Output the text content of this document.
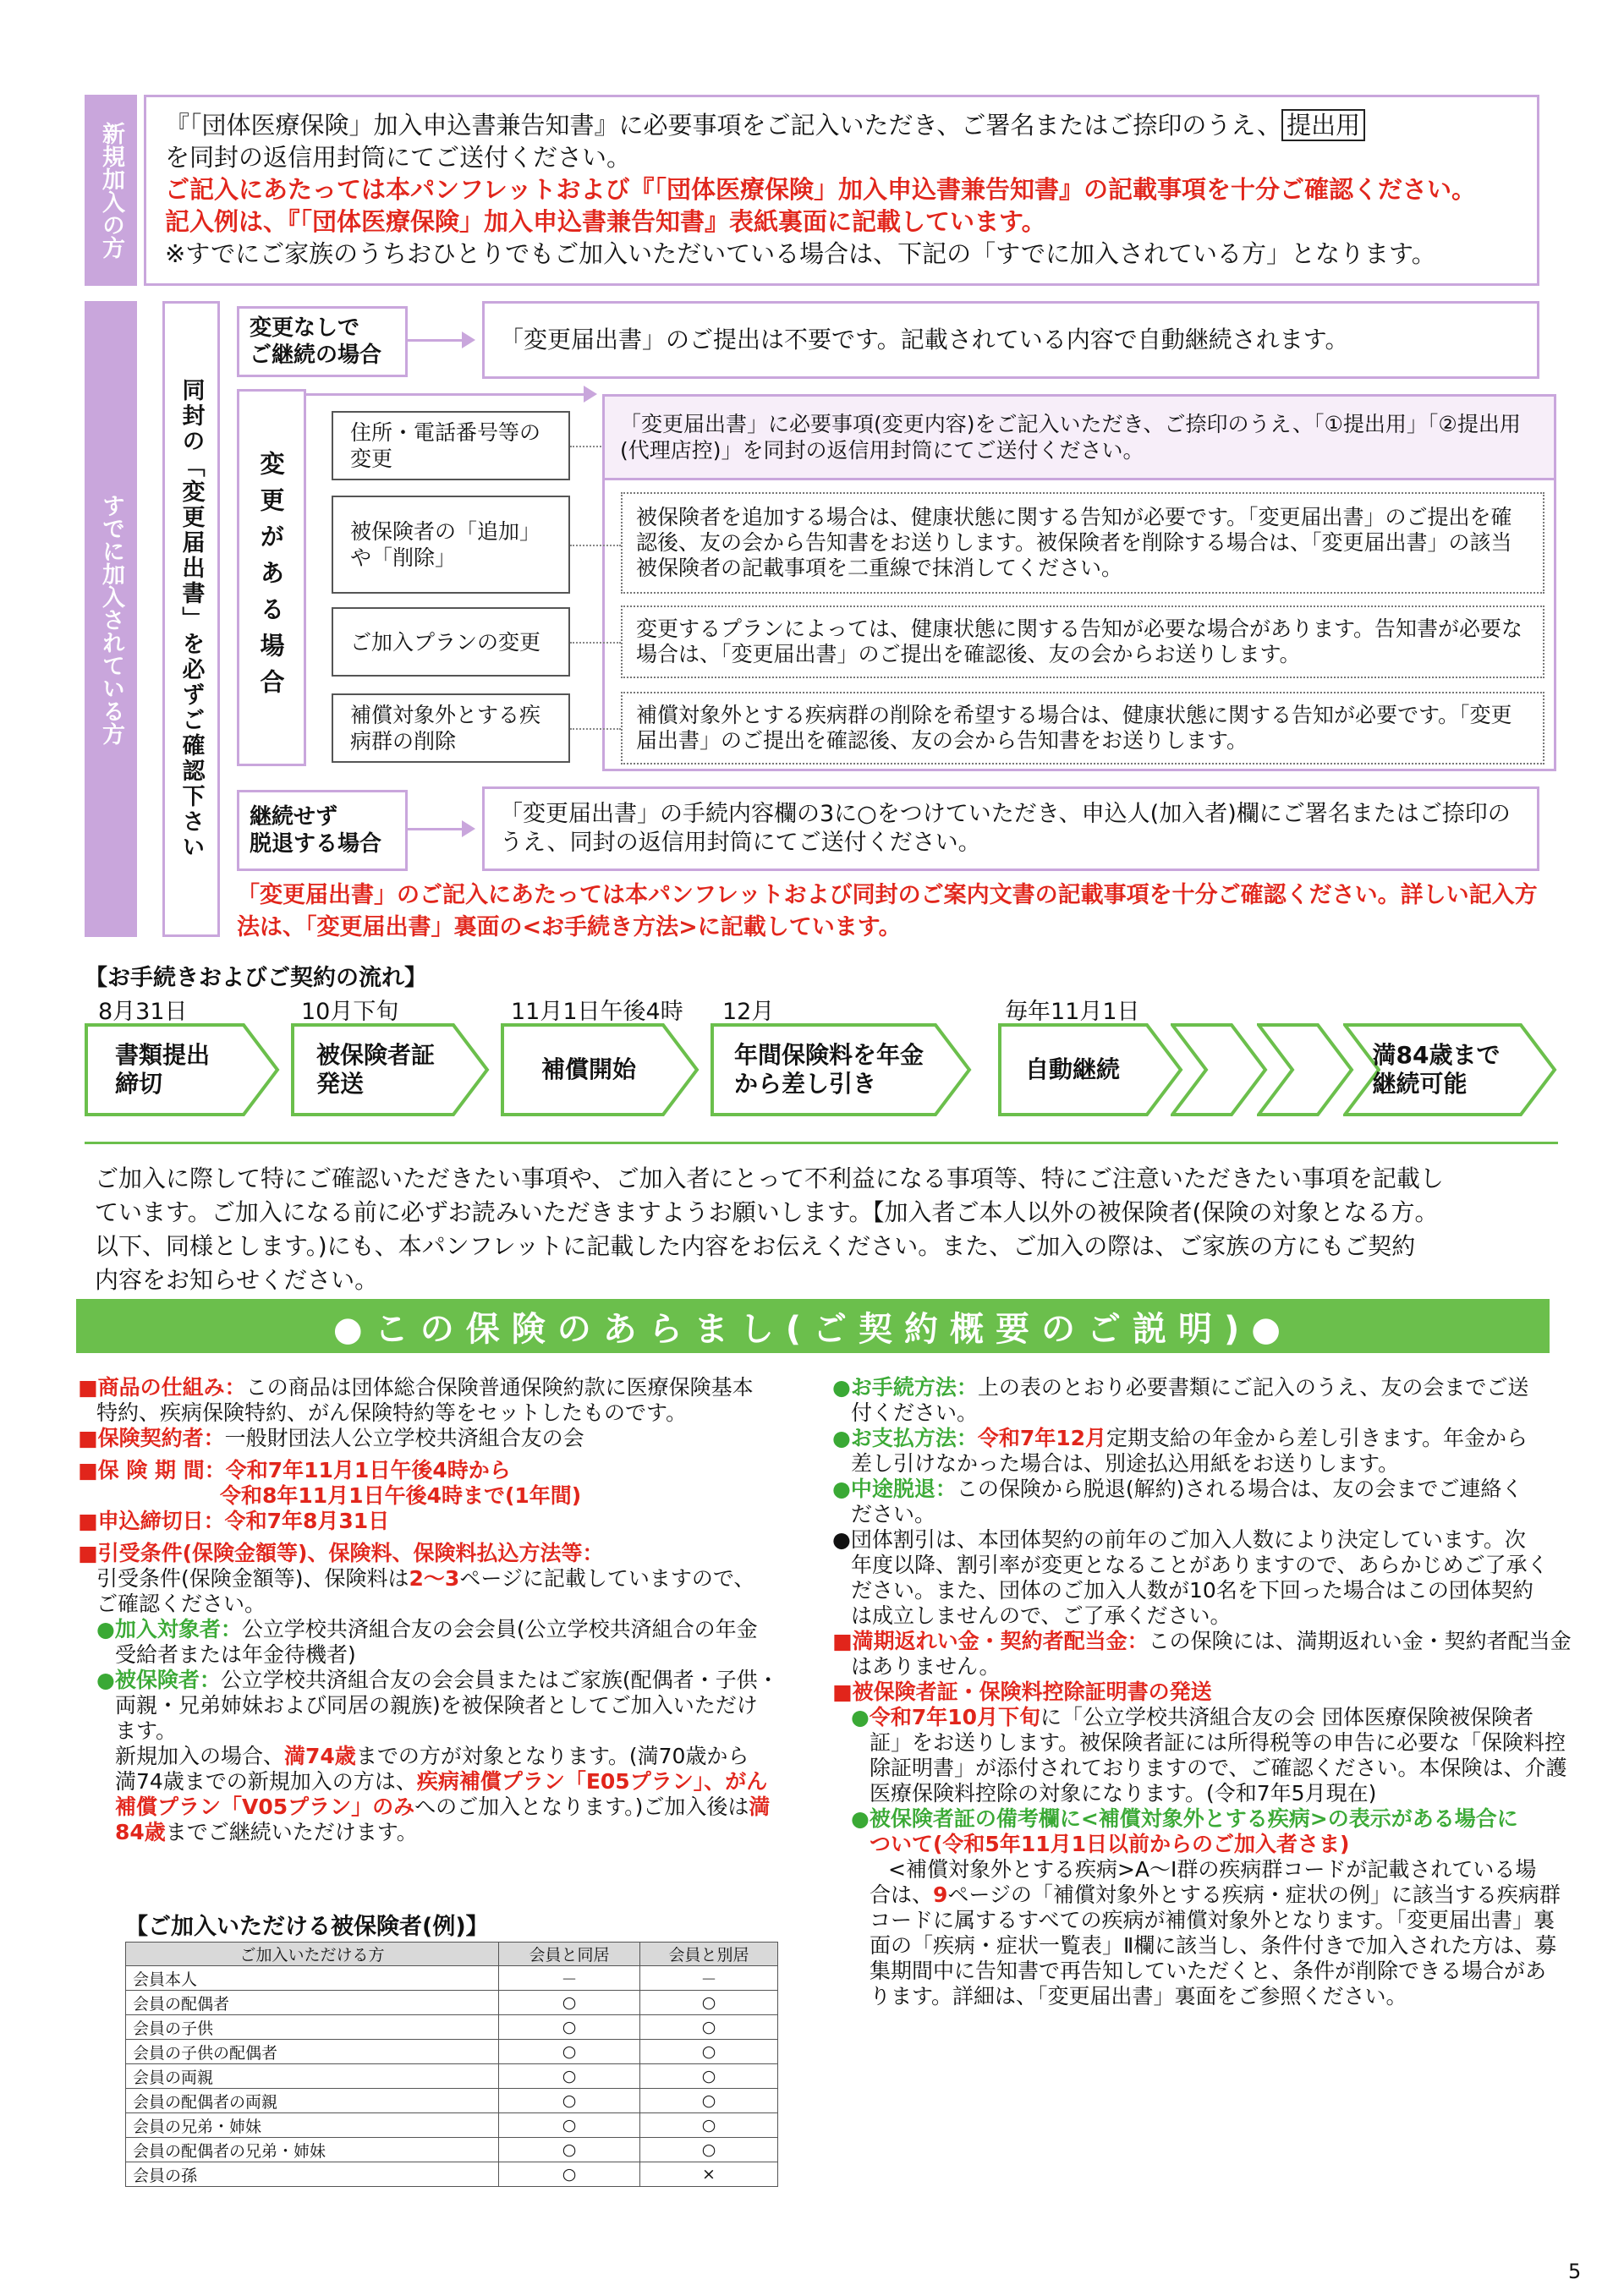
新規加入の方	『「団体医療保険」加入申込書兼告知書』に必要事項をご記入いただき、ご署名またはご捺印のうえ、 提出用
を同封の返信用封筒にてご送付ください。
ご記入にあたっては本パンフレットおよび『「団体医療保険」加入申込書兼告知書』の記載事項を十分ご確認ください。
記入例は、『「団体医療保険」加入申込書兼告知書』表紙裏面に記載しています。
※すでにご家族のうちおひとりでもご加入いただいている場合は、下記の「すでに加入されている方」となります。
すでに加入されている方	同封の「変更届出書」を必ずご確認下さい
変更なしで
ご継続の場合
「変更届出書」のご提出は不要です。記載されている内容で自動継続されます。
変更がある場合
住所・電話番号等の変更
「変更届出書」に必要事項(変更内容)をご記入いただき、ご捺印のうえ、「①提出用」「②提出用(代理店控)」を同封の返信用封筒にてご送付ください。
被保険者の「追加」や「削除」
被保険者を追加する場合は、健康状態に関する告知が必要です。「変更届出書」のご提出を確認後、友の会から告知書をお送りします。被保険者を削除する場合は、「変更届出書」の該当被保険者の記載事項を二重線で抹消してください。
ご加入プランの変更
変更するプランによっては、健康状態に関する告知が必要な場合があります。告知書が必要な場合は、「変更届出書」のご提出を確認後、友の会からお送りします。
補償対象外とする疾病群の削除
補償対象外とする疾病群の削除を希望する場合は、健康状態に関する告知が必要です。「変更届出書」のご提出を確認後、友の会から告知書をお送りします。
継続せず
脱退する場合
「変更届出書」の手続内容欄の3に○をつけていただき、申込人(加入者)欄にご署名またはご捺印のうえ、同封の返信用封筒にてご送付ください。
「変更届出書」のご記入にあたっては本パンフレットおよび同封のご案内文書の記載事項を十分ご確認ください。詳しい記入方法は、「変更届出書」裏面の<お手続き方法>に記載しています。
【お手続きおよびご契約の流れ】
8月31日	10月下旬	11月1日午後4時 12月	毎年11月1日
書類提出
締切
被保険者証
発送
補償開始
年間保険料を年金
から差し引き
自動継続
満84歳まで
継続可能
ご加入に際して特にご確認いただきたい事項や、ご加入者にとって不利益になる事項等、特にご注意いただきたい事項を記載し
ています。ご加入になる前に必ずお読みいただきますようお願いします。【加入者ご本人以外の被保険者(保険の対象となる方。
以下、同様とします。)にも、本パンフレットに記載した内容をお伝えください。また、ご加入の際は、ご家族の方にもご契約
内容をお知らせください。
●この保険のあらまし(ご契約概要のご説明)●
■商品の仕組み：この商品は団体総合保険普通保険約款に医療保険基本
特約、疾病保険特約、がん保険特約等をセットしたものです。
■保険契約者：一般財団法人公立学校共済組合友の会
■保 険 期 間：令和7年11月1日午後4時から
令和8年11月1日午後4時まで(1年間)
■申込締切日：令和7年8月31日
■引受条件(保険金額等)、保険料、保険料払込方法等：
引受条件(保険金額等)、保険料は2～3ページに記載していますので、
ご確認ください。
●加入対象者：公立学校共済組合友の会会員(公立学校共済組合の年金
受給者または年金待機者)
●被保険者：公立学校共済組合友の会会員またはご家族(配偶者・子供・
両親・兄弟姉妹および同居の親族)を被保険者としてご加入いただけ
ます。
新規加入の場合、満74歳までの方が対象となります。(満70歳から
満74歳までの新規加入の方は、疾病補償プラン「E05プラン」、がん
補償プラン「V05プラン」のみへのご加入となります。)ご加入後は満
84歳までご継続いただけます。
【ご加入いただける被保険者(例)】
ご加入いただける方	会員と同居	会員と別居
会員本人	－	－
会員の配偶者	○	○
会員の子供	○	○
会員の子供の配偶者	○	○
会員の両親	○	○
会員の配偶者の両親	○	○
会員の兄弟・姉妹	○	○
会員の配偶者の兄弟・姉妹	○	○
会員の孫	○	×
●お手続方法：上の表のとおり必要書類にご記入のうえ、友の会までご送
付ください。
●お支払方法：令和7年12月定期支給の年金から差し引きます。年金から
差し引けなかった場合は、別途払込用紙をお送りします。
●中途脱退：この保険から脱退(解約)される場合は、友の会までご連絡く
ださい。
●団体割引は、本団体契約の前年のご加入人数により決定しています。次
年度以降、割引率が変更となることがありますので、あらかじめご了承く
ださい。また、団体のご加入人数が10名を下回った場合はこの団体契約
は成立しませんので、ご了承ください。
■満期返れい金・契約者配当金：この保険には、満期返れい金・契約者配当金
はありません。
■被保険者証・保険料控除証明書の発送
●令和7年10月下旬に「公立学校共済組合友の会 団体医療保険被保険者
証」をお送りします。被保険者証には所得税等の申告に必要な「保険料控
除証明書」が添付されておりますので、ご確認ください。本保険は、介護
医療保険料控除の対象になります。(令和7年5月現在)
●被保険者証の備考欄に<補償対象外とする疾病>の表示がある場合に
ついて(令和5年11月1日以前からのご加入者さま)
<補償対象外とする疾病>A～I群の疾病群コードが記載されている場
合は、9ページの「補償対象外とする疾病・症状の例」に該当する疾病群
コードに属するすべての疾病が補償対象外となります。「変更届出書」裏
面の「疾病・症状一覧表」Ⅱ欄に該当し、条件付きで加入された方は、募
集期間中に告知書で再告知していただくと、条件が削除できる場合があ
ります。詳細は、「変更届出書」裏面をご参照ください。
5
